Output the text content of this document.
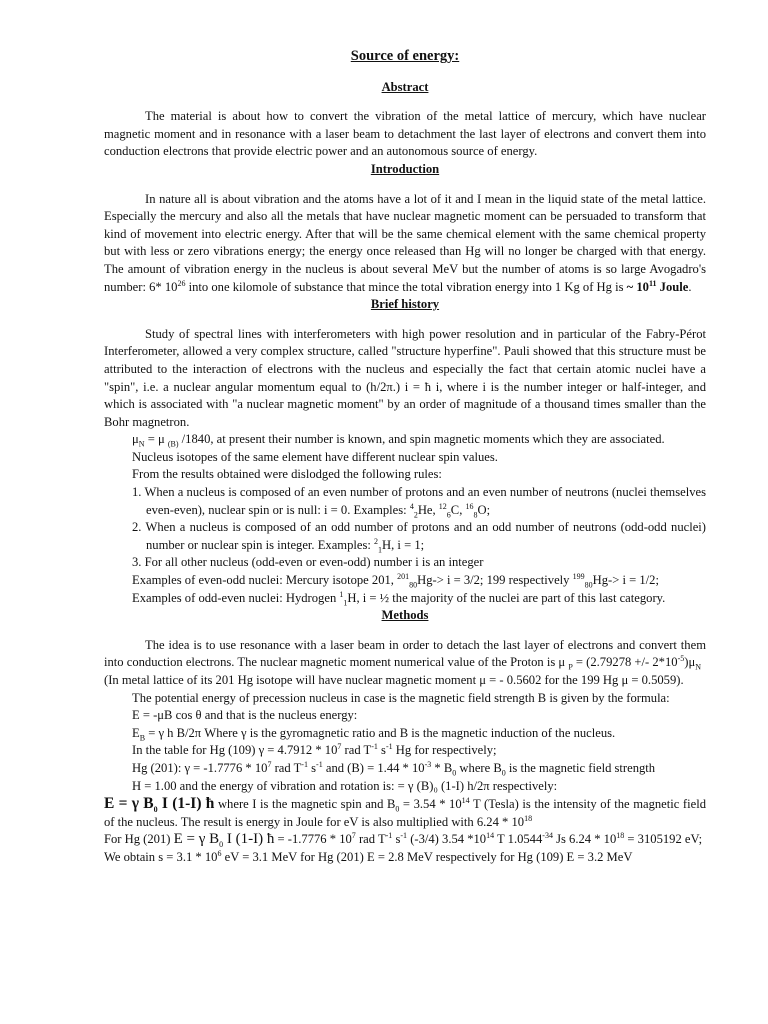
Source of energy:
Abstract

The material is about how to convert the vibration of the metal lattice of mercury, which have nuclear magnetic moment and in resonance with a laser beam to detachment the last layer of electrons and convert them into conduction electrons that provide electric power and an autonomous source of energy.

Introduction

In nature all is about vibration and the atoms have a lot of it and I mean in the liquid state of the metal lattice. Especially the mercury and also all the metals that have nuclear magnetic moment can be persuaded to transform that kind of movement into electric energy. After that will be the same chemical element with the same chemical property but with less or zero vibrations energy; the energy once released than Hg will no longer be charged with that energy. The amount of vibration energy in the nucleus is about several MeV but the number of atoms is so large Avogadro's number: 6* $10^{26}$ into one kilomole of substance that mince the total vibration energy into 1 Kg of Hg is ~ $10^{11}$ Joule.

Brief history

Study of spectral lines with interferometers with high power resolution and in particular of the Fabry-Pérot Interferometer, allowed a very complex structure, called "structure hyperfine". Pauli showed that this structure must be attributed to the interaction of electrons with the nucleus and especially the fact that certain atomic nuclei have a "spin", i.e. a nuclear angular momentum equal to (h/2π.) i = ħ i, where i is the number integer or half-integer, and which is associated with "a nuclear magnetic moment" by an order of magnitude of a thousand times smaller than the Bohr magnetron.

$\mu_N = \mu$ $_{(B)}$ /1840, at present their number is known, and spin magnetic moments which they are associated.

Nucleus isotopes of the same element have different nuclear spin values.

From the results obtained were dislodged the following rules:

1. When a nucleus is composed of an even number of protons and an even number of neutrons (nuclei themselves even-even), nuclear spin or is null: i = 0. Examples: $^4_2$He, $^{12}_6$C, $^{16}_8$O;

2. When a nucleus is composed of an odd number of protons and an odd number of neutrons (odd-odd nuclei) number or nuclear spin is integer. Examples: $^2_1$H, i = 1;

3. For all other nucleus (odd-even or even-odd) number i is an integer

Examples of even-odd nuclei: Mercury isotope 201, $^{201}_{80}$Hg-> i = 3/2; 199 respectively $^{199}_{80}$Hg-> i = 1/2;

Examples of odd-even nuclei: Hydrogen $^1_1$H, i = ½ the majority of the nuclei are part of this last category.

Methods

The idea is to use resonance with a laser beam in order to detach the last layer of electrons and convert them into conduction electrons. The nuclear magnetic moment numerical value of the Proton is μ $_P$ = (2.79278 +/- $2*10^{-5})\mu_N$

(In metal lattice of its 201 Hg isotope will have nuclear magnetic moment μ = - 0.5602 for the 199 Hg μ = 0.5059).

The potential energy of precession nucleus in case is the magnetic field strength B is given by the formula:

E = -μB cos θ and that is the nucleus energy:

$E_B = \gamma$ h B/2π Where γ is the gyromagnetic ratio and B is the magnetic induction of the nucleus.

In the table for Hg (109) $\gamma = 4.7912 * 10^7$ rad $T^{-1}$ $s^{-1}$ Hg for respectively;

Hg (201): $\gamma = -1.7776 * 10^7$ rad $T^{-1}$ $s^{-1}$ and $(B) = 1.44 * 10^{-3} * B_0$ where $B_0$ is the magnetic field strength

H = 1.00 and the energy of vibration and rotation is: = γ (B)₀ (1-I) h/2π respectively:

E = γ $B_0$ I (1-I) ħ where I is the magnetic spin and $B_0 = 3.54 * 10^{14}$ T (Tesla) is the intensity of the magnetic field of the nucleus. The result is energy in Joule for eV is also multiplied with $6.24 * 10^{18}$

For Hg (201) E = γ $B_0$ I (1-I) ħ = $-1.7776 * 10^7$ rad $T^{-1}$ $s^{-1}$ (-3/4) 3.54 $*10^{14}$ T $1.0544^{-34}$ Js $6.24 * 10^{18} = 3105192$ eV;

We obtain $s = 3.1 * 10^6$ eV = 3.1 MeV for Hg (201) E = 2.8 MeV respectively for Hg (109) E = 3.2 MeV
